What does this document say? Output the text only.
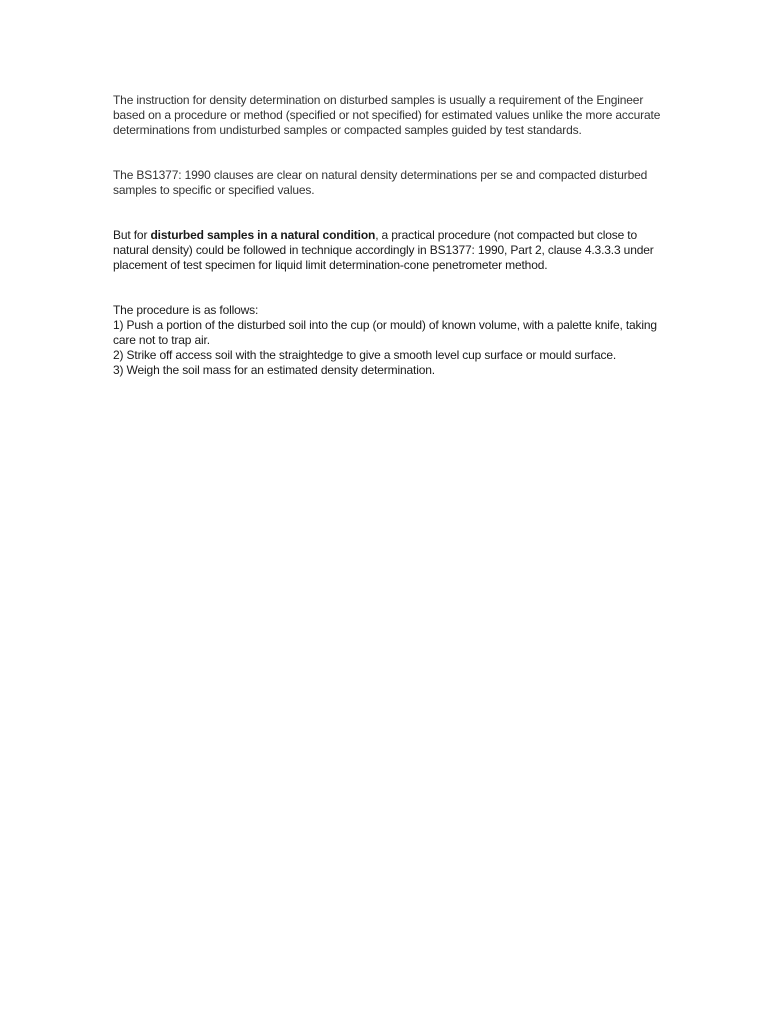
The instruction for density determination on disturbed samples is usually a requirement of the Engineer based on a procedure or method (specified or not specified) for estimated values unlike the more accurate determinations from undisturbed samples or compacted samples guided by test standards.

The BS1377: 1990 clauses are clear on natural density determinations per se and compacted disturbed samples to specific or specified values.

But for disturbed samples in a natural condition, a practical procedure (not compacted but close to natural density) could be followed in technique accordingly in BS1377: 1990, Part 2, clause 4.3.3.3 under placement of test specimen for liquid limit determination-cone penetrometer method.

The procedure is as follows:
1) Push a portion of the disturbed soil into the cup (or mould) of known volume, with a palette knife, taking care not to trap air.
2) Strike off access soil with the straightedge to give a smooth level cup surface or mould surface.
3) Weigh the soil mass for an estimated density determination.
